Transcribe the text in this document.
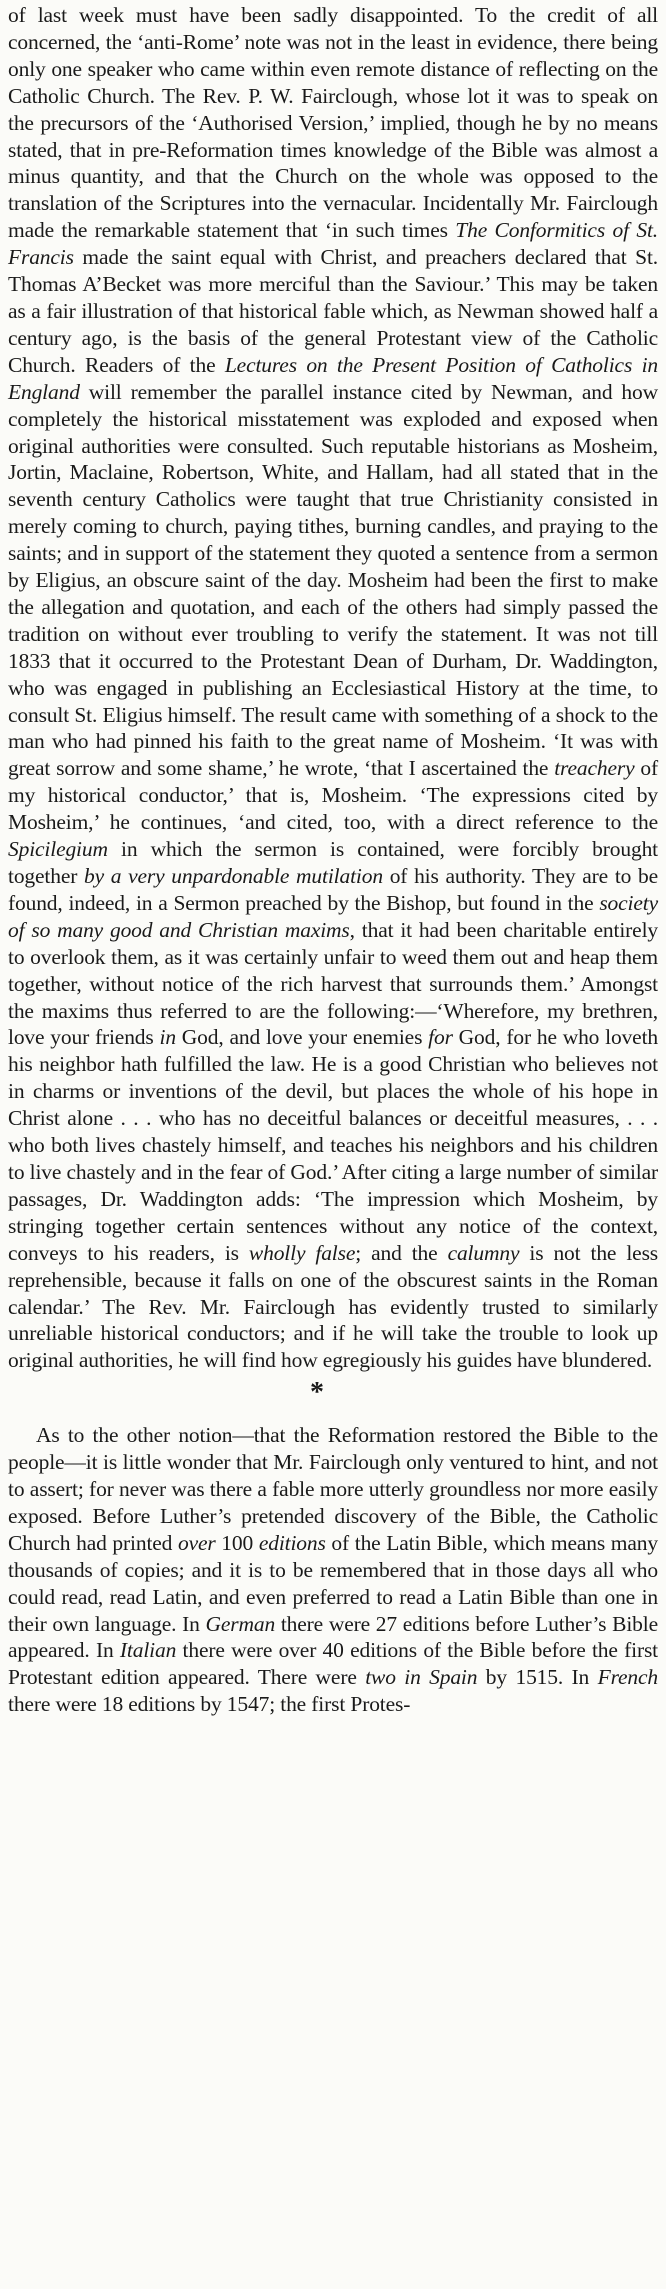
of last week must have been sadly disappointed. To the credit of all concerned, the ‘anti-Rome’ note was not in the least in evidence, there being only one speaker who came within even remote distance of reflecting on the Catholic Church. The Rev. P. W. Fairclough, whose lot it was to speak on the precursors of the ‘Authorised Version,’ implied, though he by no means stated, that in pre-Reformation times knowledge of the Bible was almost a minus quantity, and that the Church on the whole was opposed to the translation of the Scriptures into the vernacular. Incidentally Mr. Fairclough made the remarkable statement that ‘in such times The Conformitics of St. Francis made the saint equal with Christ, and preachers declared that St. Thomas A’Becket was more merciful than the Saviour.’ This may be taken as a fair illustration of that historical fable which, as Newman showed half a century ago, is the basis of the general Protestant view of the Catholic Church. Readers of the Lectures on the Present Position of Catholics in England will remember the parallel instance cited by Newman, and how completely the historical misstatement was exploded and exposed when original authorities were consulted. Such reputable historians as Mosheim, Jortin, Maclaine, Robertson, White, and Hallam, had all stated that in the seventh century Catholics were taught that true Christianity consisted in merely coming to church, paying tithes, burning candles, and praying to the saints; and in support of the statement they quoted a sentence from a sermon by Eligius, an obscure saint of the day. Mosheim had been the first to make the allegation and quotation, and each of the others had simply passed the tradition on without ever troubling to verify the statement. It was not till 1833 that it occurred to the Protestant Dean of Durham, Dr. Waddington, who was engaged in publishing an Ecclesiastical History at the time, to consult St. Eligius himself. The result came with something of a shock to the man who had pinned his faith to the great name of Mosheim. ‘It was with great sorrow and some shame,’ he wrote, ‘that I ascertained the treachery of my historical conductor,’ that is, Mosheim. ‘The expressions cited by Mosheim,’ he continues, ‘and cited, too, with a direct reference to the Spicilegium in which the sermon is contained, were forcibly brought together by a very unpardonable mutilation of his authority. They are to be found, indeed, in a Sermon preached by the Bishop, but found in the society of so many good and Christian maxims, that it had been charitable entirely to overlook them, as it was certainly unfair to weed them out and heap them together, without notice of the rich harvest that surrounds them.’ Amongst the maxims thus referred to are the following:—‘Wherefore, my brethren, love your friends in God, and love your enemies for God, for he who loveth his neighbor hath fulfilled the law. He is a good Christian who believes not in charms or inventions of the devil, but places the whole of his hope in Christ alone . . . who has no deceitful balances or deceitful measures, . . . who both lives chastely himself, and teaches his neighbors and his children to live chastely and in the fear of God.’ After citing a large number of similar passages, Dr. Waddington adds: ‘The impression which Mosheim, by stringing together certain sentences without any notice of the context, conveys to his readers, is wholly false; and the calumny is not the less reprehensible, because it falls on one of the obscurest saints in the Roman calendar.’ The Rev. Mr. Fairclough has evidently trusted to similarly unreliable historical conductors; and if he will take the trouble to look up original authorities, he will find how egregiously his guides have blundered.
*
As to the other notion—that the Reformation restored the Bible to the people—it is little wonder that Mr. Fairclough only ventured to hint, and not to assert; for never was there a fable more utterly groundless nor more easily exposed. Before Luther’s pretended discovery of the Bible, the Catholic Church had printed over 100 editions of the Latin Bible, which means many thousands of copies; and it is to be remembered that in those days all who could read, read Latin, and even preferred to read a Latin Bible than one in their own language. In German there were 27 editions before Luther’s Bible appeared. In Italian there were over 40 editions of the Bible before the first Protestant edition appeared. There were two in Spain by 1515. In French there were 18 editions by 1547; the first Protes-
